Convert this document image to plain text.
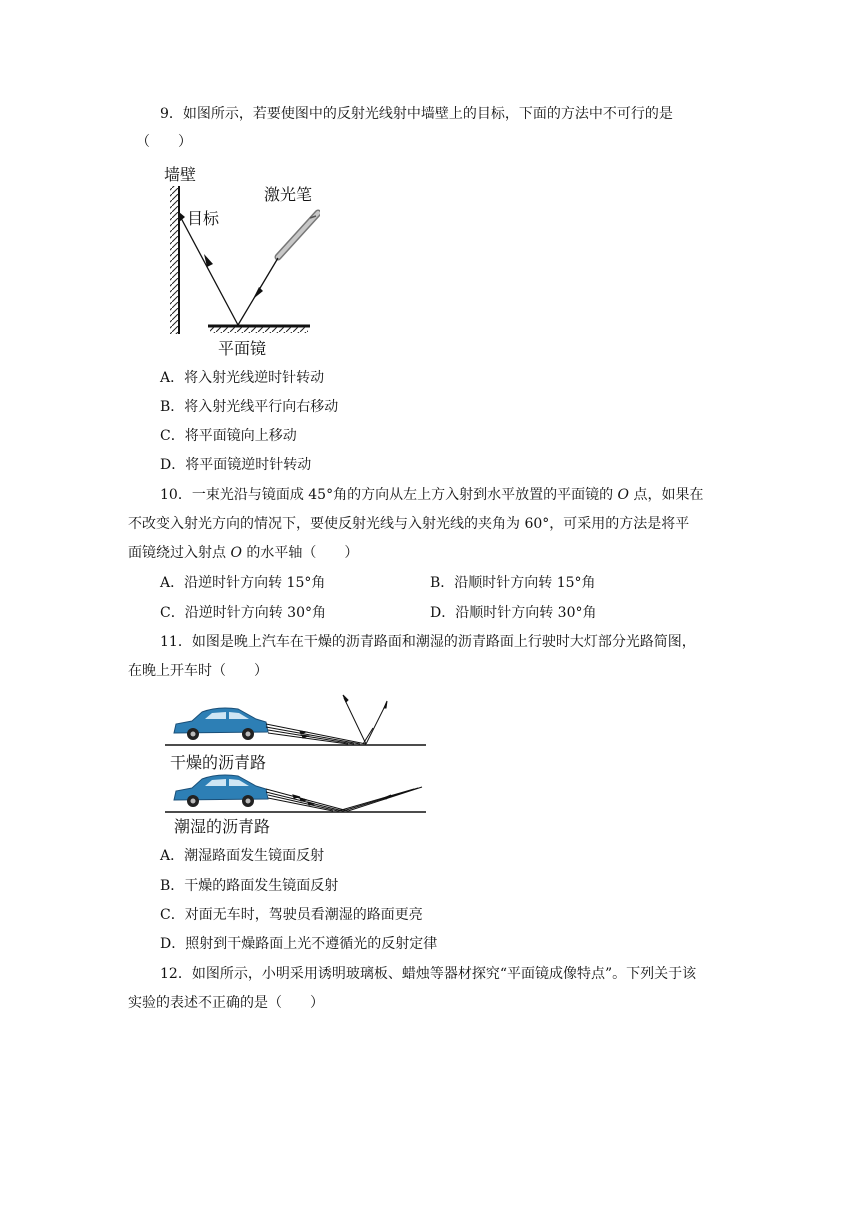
9．如图所示，若要使图中的反射光线射中墙壁上的目标，下面的方法中不可行的是
（　　）
墙壁
目标
平面镜
激光笔
A．将入射光线逆时针转动
B．将入射光线平行向右移动
C．将平面镜向上移动
D．将平面镜逆时针转动
10．一束光沿与镜面成 45°角的方向从左上方入射到水平放置的平面镜的 O 点，如果在
不改变入射光方向的情况下，要使反射光线与入射光线的夹角为 60°，可采用的方法是将平
面镜绕过入射点 O 的水平轴（　　）
A．沿逆时针方向转 15°角	B．沿顺时针方向转 15°角
C．沿逆时针方向转 30°角	D．沿顺时针方向转 30°角
11．如图是晚上汽车在干燥的沥青路面和潮湿的沥青路面上行驶时大灯部分光路简图，
在晚上开车时（　　）
干燥的沥青路
潮湿的沥青路
A．潮湿路面发生镜面反射
B．干燥的路面发生镜面反射
C．对面无车时，驾驶员看潮湿的路面更亮
D．照射到干燥路面上光不遵循光的反射定律
12．如图所示，小明采用诱明玻璃板、蜡烛等器材探究“平面镜成像特点”。下列关于该
实验的表述不正确的是（　　）
